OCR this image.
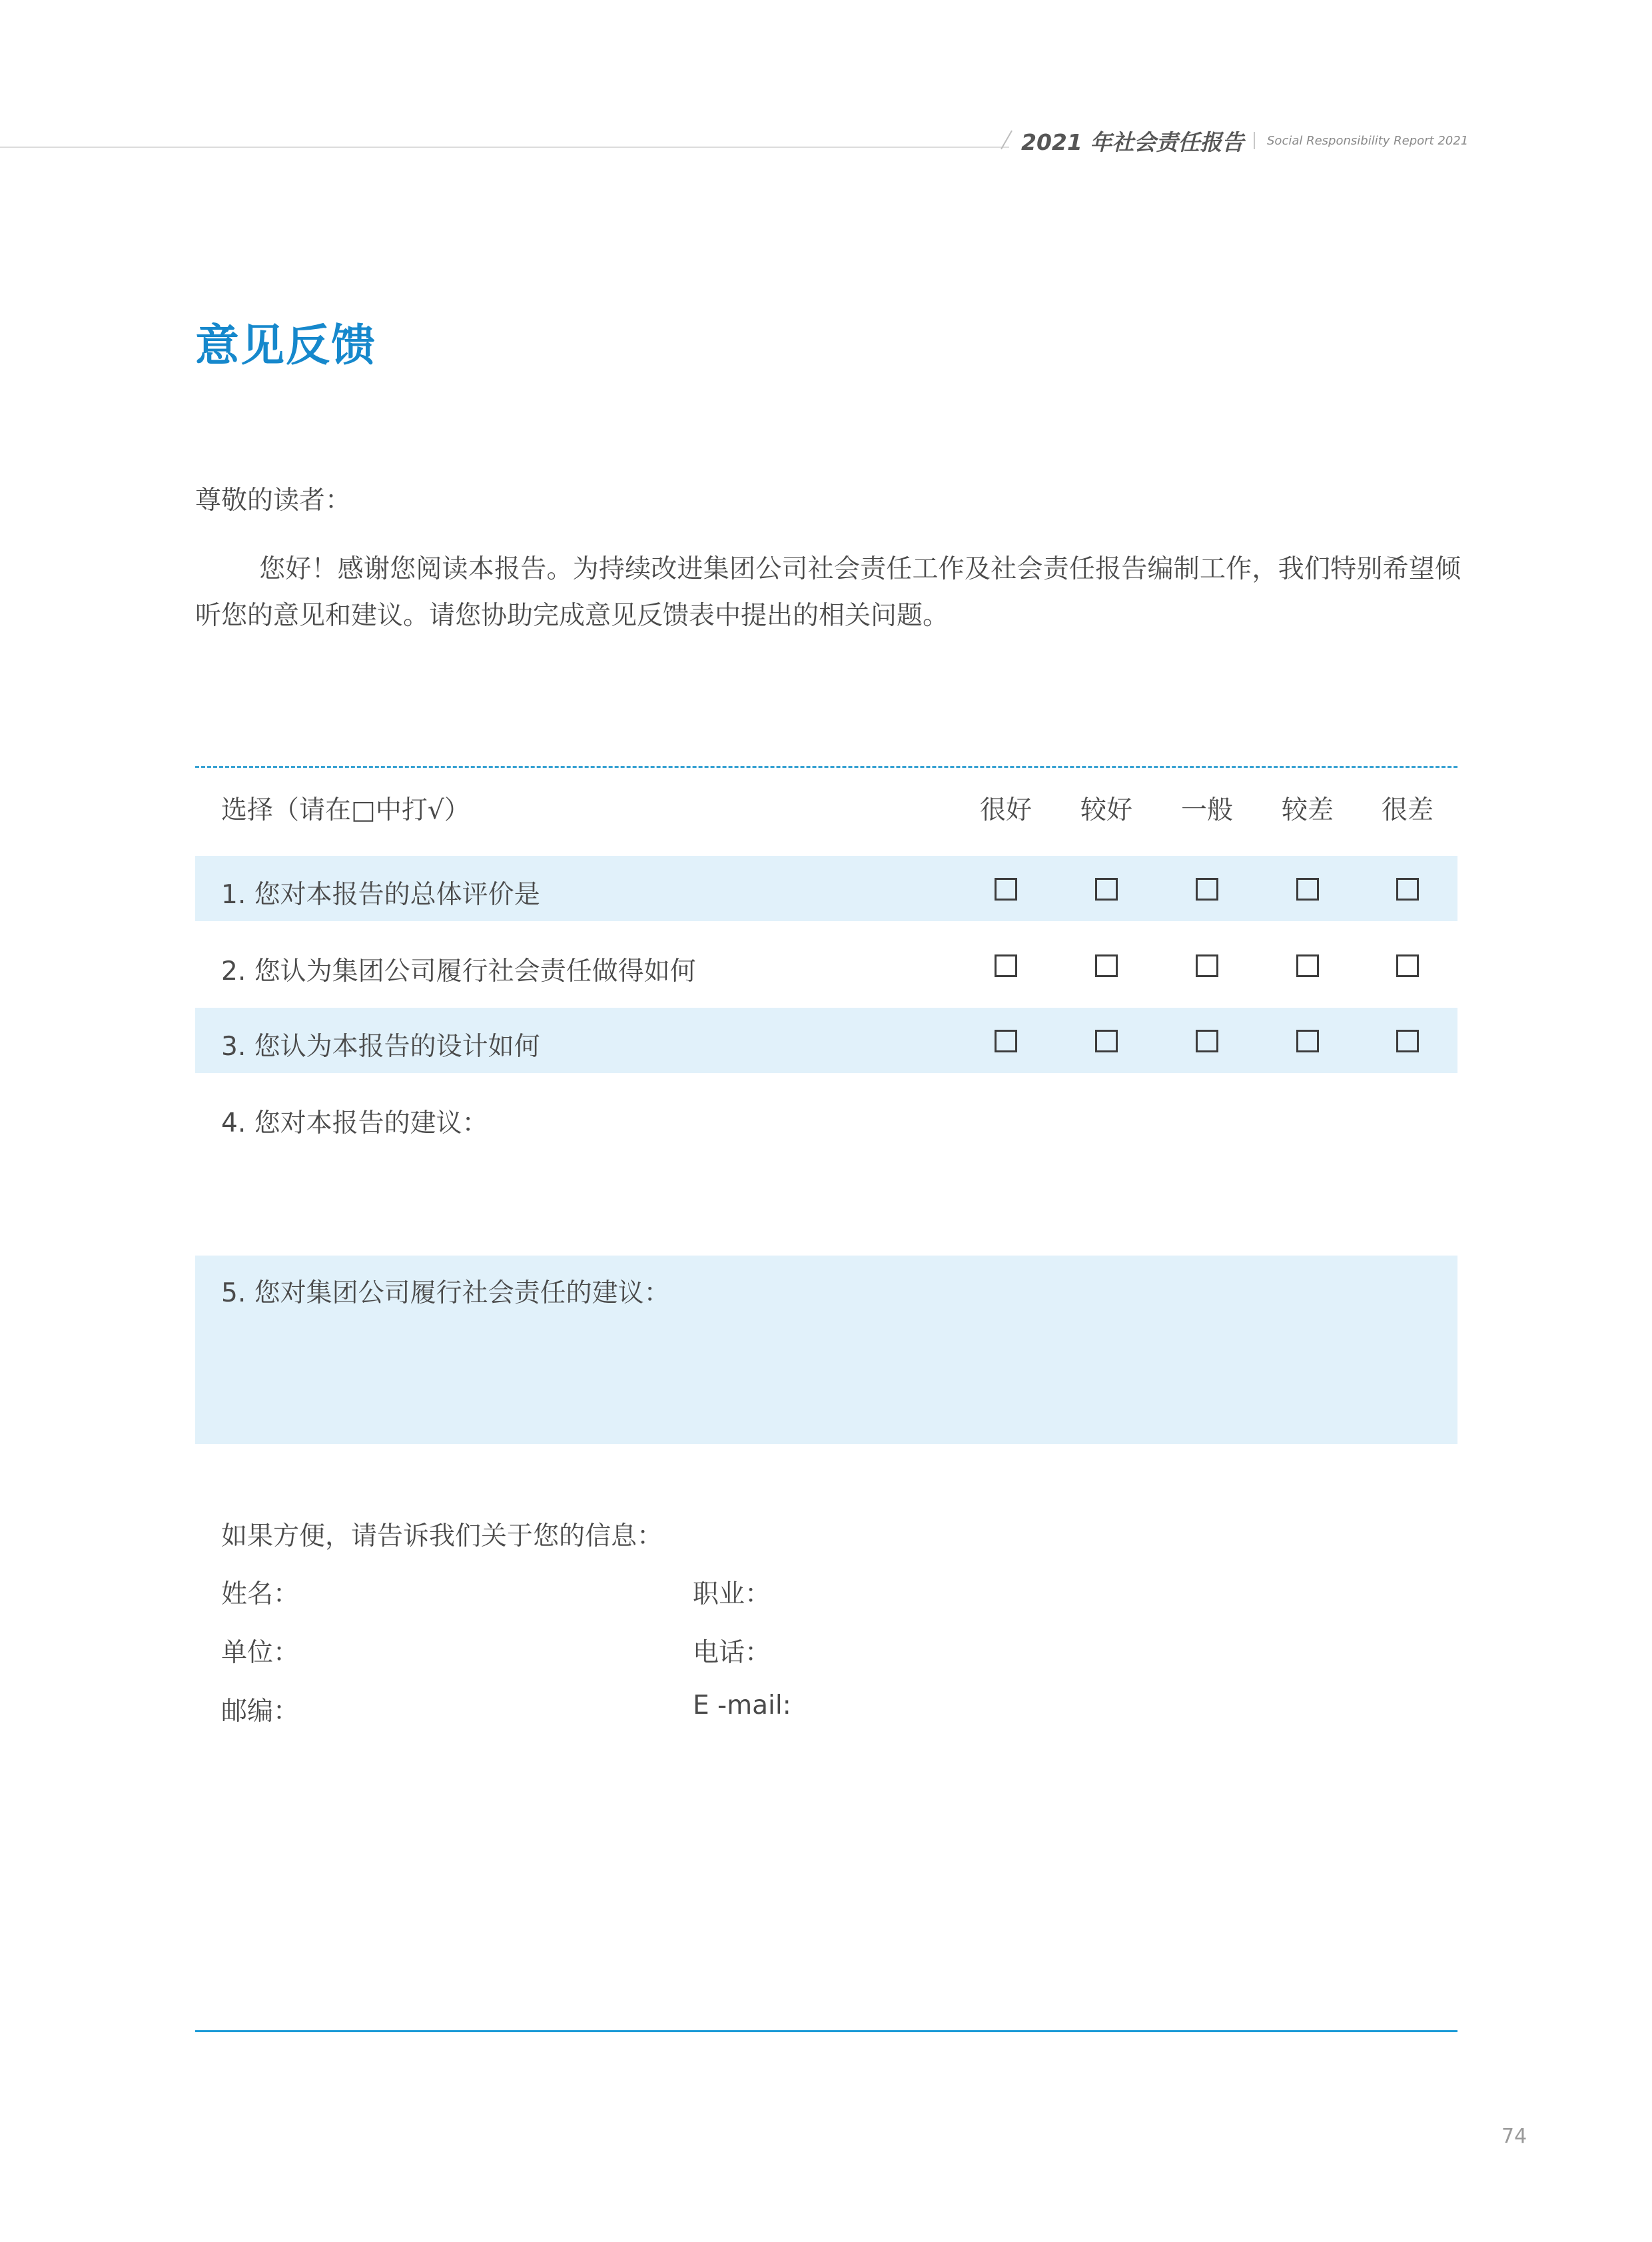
2021 年社会责任报告 Social Responsibility Report 2021
意见反馈
尊敬的读者：
您好！感谢您阅读本报告。为持续改进集团公司社会责任工作及社会责任报告编制工作，我们特别希望倾听您的意见和建议。请您协助完成意见反馈表中提出的相关问题。
选择（请在□中打√）	很好	较好	一般	较差	很差
1. 您对本报告的总体评价是
2. 您认为集团公司履行社会责任做得如何
3. 您认为本报告的设计如何
4. 您对本报告的建议：
5. 您对集团公司履行社会责任的建议：
如果方便，请告诉我们关于您的信息：
姓名：	职业：
单位：	电话：
邮编：	E -mail:
74
